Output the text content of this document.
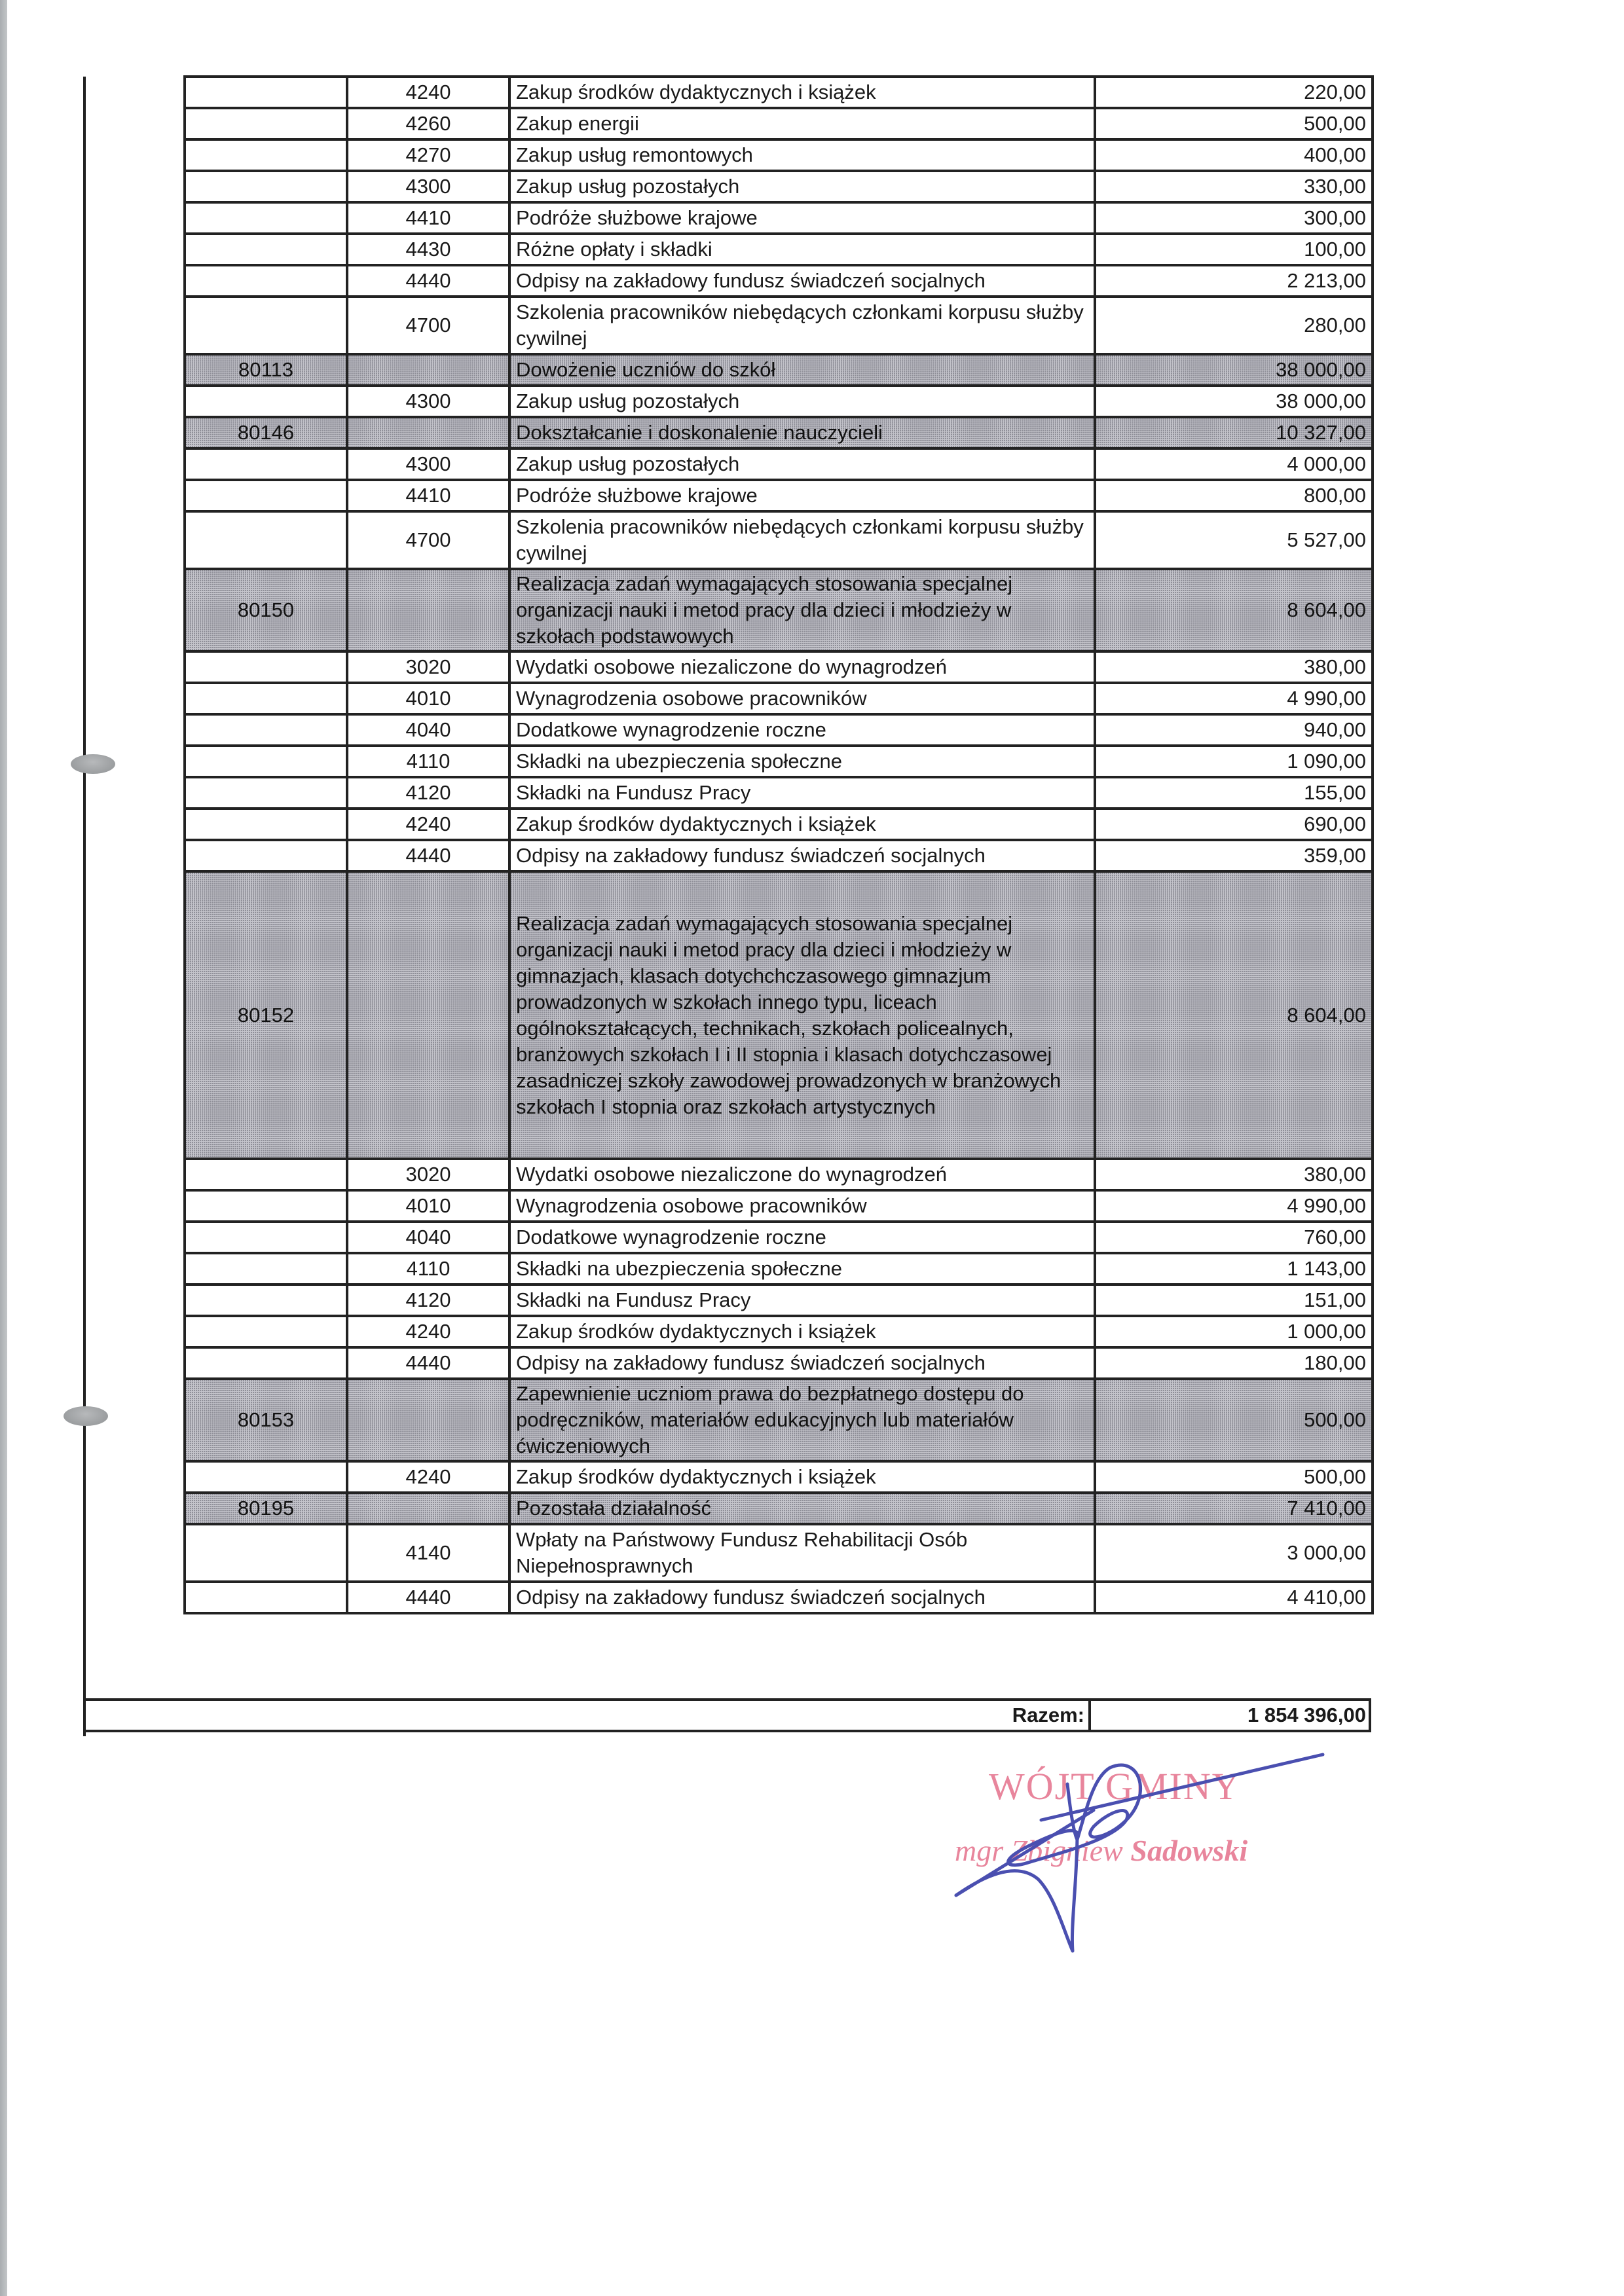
	4240	Zakup środków dydaktycznych i książek	220,00
	4260	Zakup energii	500,00
	4270	Zakup usług remontowych	400,00
	4300	Zakup usług pozostałych	330,00
	4410	Podróże służbowe krajowe	300,00
	4430	Różne opłaty i składki	100,00
	4440	Odpisy na zakładowy fundusz świadczeń socjalnych	2 213,00
	4700	Szkolenia pracowników niebędących członkami korpusu służby cywilnej	280,00
80113		Dowożenie uczniów do szkół	38 000,00
	4300	Zakup usług pozostałych	38 000,00
80146		Dokształcanie i doskonalenie nauczycieli	10 327,00
	4300	Zakup usług pozostałych	4 000,00
	4410	Podróże służbowe krajowe	800,00
	4700	Szkolenia pracowników niebędących członkami korpusu służby cywilnej	5 527,00
80150		Realizacja zadań wymagających stosowania specjalnej organizacji nauki i metod pracy dla dzieci i młodzieży w szkołach podstawowych	8 604,00
	3020	Wydatki osobowe niezaliczone do wynagrodzeń	380,00
	4010	Wynagrodzenia osobowe pracowników	4 990,00
	4040	Dodatkowe wynagrodzenie roczne	940,00
	4110	Składki na ubezpieczenia społeczne	1 090,00
	4120	Składki na Fundusz Pracy	155,00
	4240	Zakup środków dydaktycznych i książek	690,00
	4440	Odpisy na zakładowy fundusz świadczeń socjalnych	359,00
80152		Realizacja zadań wymagających stosowania specjalnej organizacji nauki i metod pracy dla dzieci i młodzieży w gimnazjach, klasach dotychchczasowego gimnazjum prowadzonych w szkołach innego typu, liceach ogólnokształcących, technikach, szkołach policealnych, branżowych szkołach I i II stopnia i klasach dotychczasowej zasadniczej szkoły zawodowej prowadzonych w branżowych szkołach I stopnia oraz szkołach artystycznych	8 604,00
	3020	Wydatki osobowe niezaliczone do wynagrodzeń	380,00
	4010	Wynagrodzenia osobowe pracowników	4 990,00
	4040	Dodatkowe wynagrodzenie roczne	760,00
	4110	Składki na ubezpieczenia społeczne	1 143,00
	4120	Składki na Fundusz Pracy	151,00
	4240	Zakup środków dydaktycznych i książek	1 000,00
	4440	Odpisy na zakładowy fundusz świadczeń socjalnych	180,00
80153		Zapewnienie uczniom prawa do bezpłatnego dostępu do podręczników, materiałów edukacyjnych lub materiałów ćwiczeniowych	500,00
	4240	Zakup środków dydaktycznych i książek	500,00
80195		Pozostała działalność	7 410,00
	4140	Wpłaty na Państwowy Fundusz Rehabilitacji Osób Niepełnosprawnych	3 000,00
	4440	Odpisy na zakładowy fundusz świadczeń socjalnych	4 410,00
Razem:	1 854 396,00
WÓJT GMINY
mgr Zbigniew Sadowski
